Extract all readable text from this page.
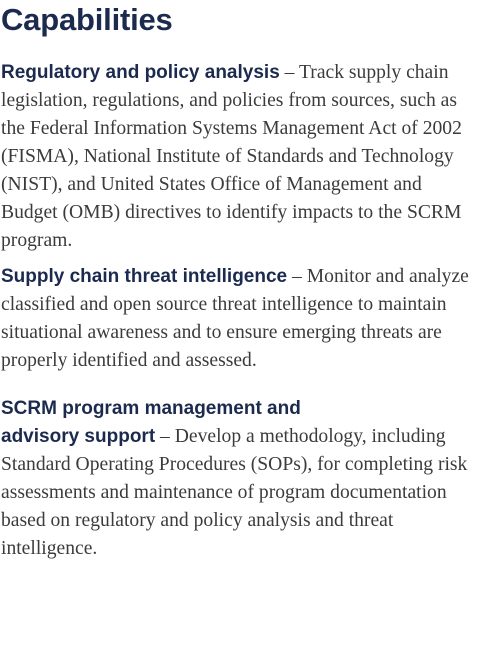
Capabilities

Regulatory and policy analysis – Track supply chain legislation, regulations, and policies from sources, such as the Federal Information Systems Management Act of 2002 (FISMA), National Institute of Standards and Technology (NIST), and United States Office of Management and Budget (OMB) directives to identify impacts to the SCRM program.

Supply chain threat intelligence – Monitor and analyze classified and open source threat intelligence to maintain situational awareness and to ensure emerging threats are properly identified and assessed.

SCRM program management and
advisory support – Develop a methodology, including Standard Operating Procedures (SOPs), for completing risk assessments and maintenance of program documentation based on regulatory and policy analysis and threat intelligence.
